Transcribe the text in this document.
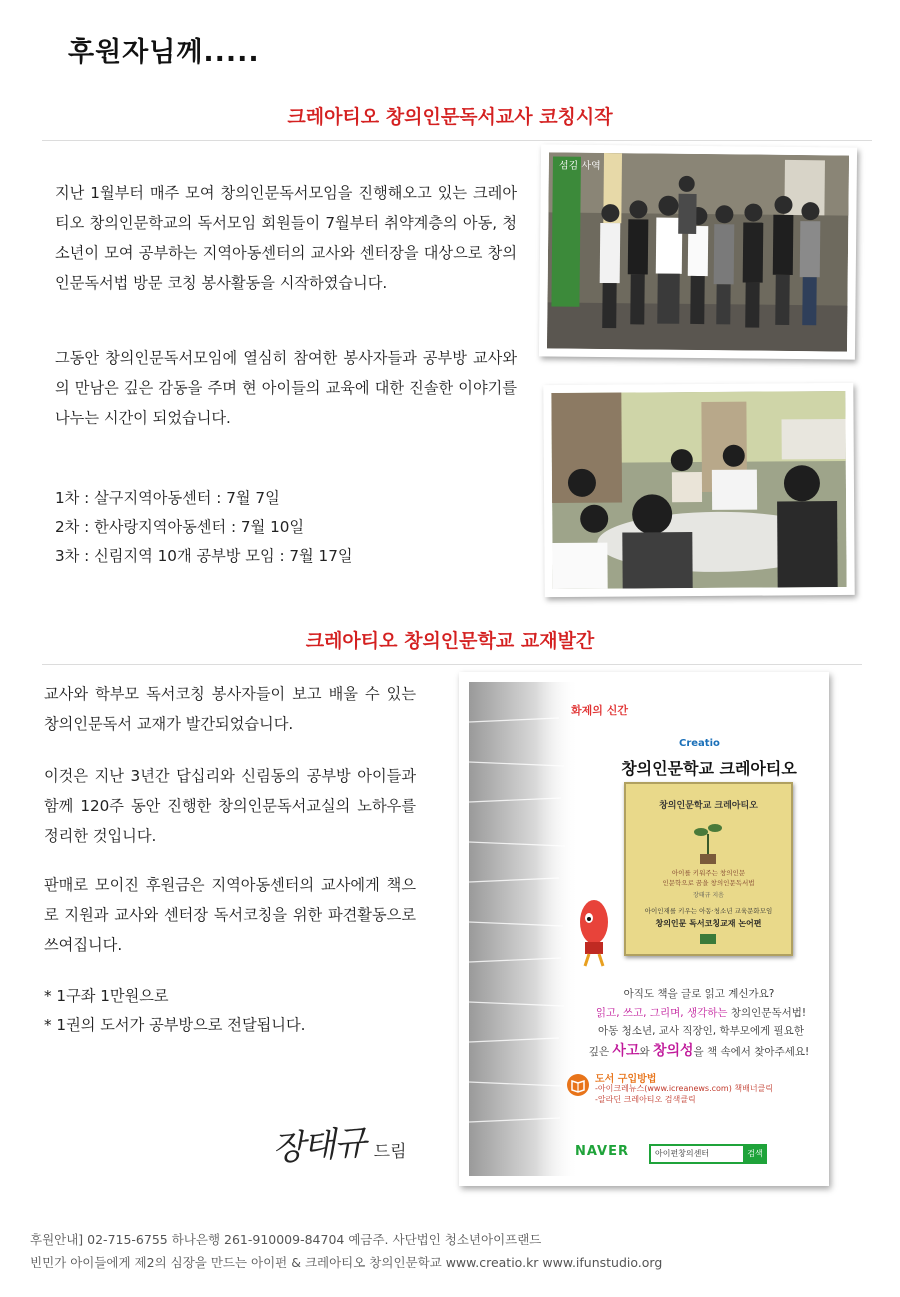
후원자님께.....
크레아티오 창의인문독서교사 코칭시작

지난 1월부터 매주 모여 창의인문독서모임을 진행해오고 있는 크레아티오 창의인문학교의 독서모임 회원들이 7월부터 취약계층의 아동, 청소년이 모여 공부하는 지역아동센터의 교사와 센터장을 대상으로 창의인문독서법 방문 코칭 봉사활동을 시작하였습니다.

그동안 창의인문독서모임에 열심히 참여한 봉사자들과 공부방 교사와의 만남은 깊은 감동을 주며 현 아이들의 교육에 대한 진솔한 이야기를 나누는 시간이 되었습니다.

1차 : 살구지역아동센터 : 7월 7일
2차 : 한사랑지역아동센터 : 7월 10일
3차 : 신림지역 10개 공부방 모임 : 7월 17일
섬김 사역
크레아티오 창의인문학교 교재발간

교사와 학부모 독서코칭 봉사자들이 보고 배울 수 있는 창의인문독서 교재가 발간되었습니다.

이것은 지난 3년간 답십리와 신림동의 공부방 아이들과 함께 120주 동안 진행한 창의인문독서교실의 노하우를 정리한 것입니다.

판매로 모이진 후원금은 지역아동센터의 교사에게 책으로 지원과 교사와 센터장 독서코칭을 위한 파견활동으로 쓰여집니다.

* 1구좌 1만원으로
* 1권의 도서가 공부방으로 전달됩니다.
장태규 드림
화제의 신간
Creatio
창의인문학교 크레아티오
창의인문학교 크레아티오
아이를 키워주는 창의인문
인문학으로 꿈을 창의인문독서법
장태규 지음
아이인재를 키우는 아동·청소년 교육문화모임
창의인문 독서코칭교재 논어편
아직도 책을 글로 읽고 계신가요?
읽고, 쓰고, 그리며, 생각하는 창의인문독서법!
아동 청소년, 교사 직장인, 학부모에게 필요한
깊은 사고와 창의성을 책 속에서 찾아주세요!
도서 구입방법
-아이크레뉴스(www.icreanews.com) 책배너클릭
-알라딘 크레아티오 검색클릭
NAVER	아이펀창의센터	검색
후원안내] 02-715-6755 하나은행 261-910009-84704 예금주. 사단법인 청소년아이프랜드
빈민가 아이들에게 제2의 심장을 만드는 아이펀 & 크레아티오 창의인문학교 www.creatio.kr www.ifunstudio.org
